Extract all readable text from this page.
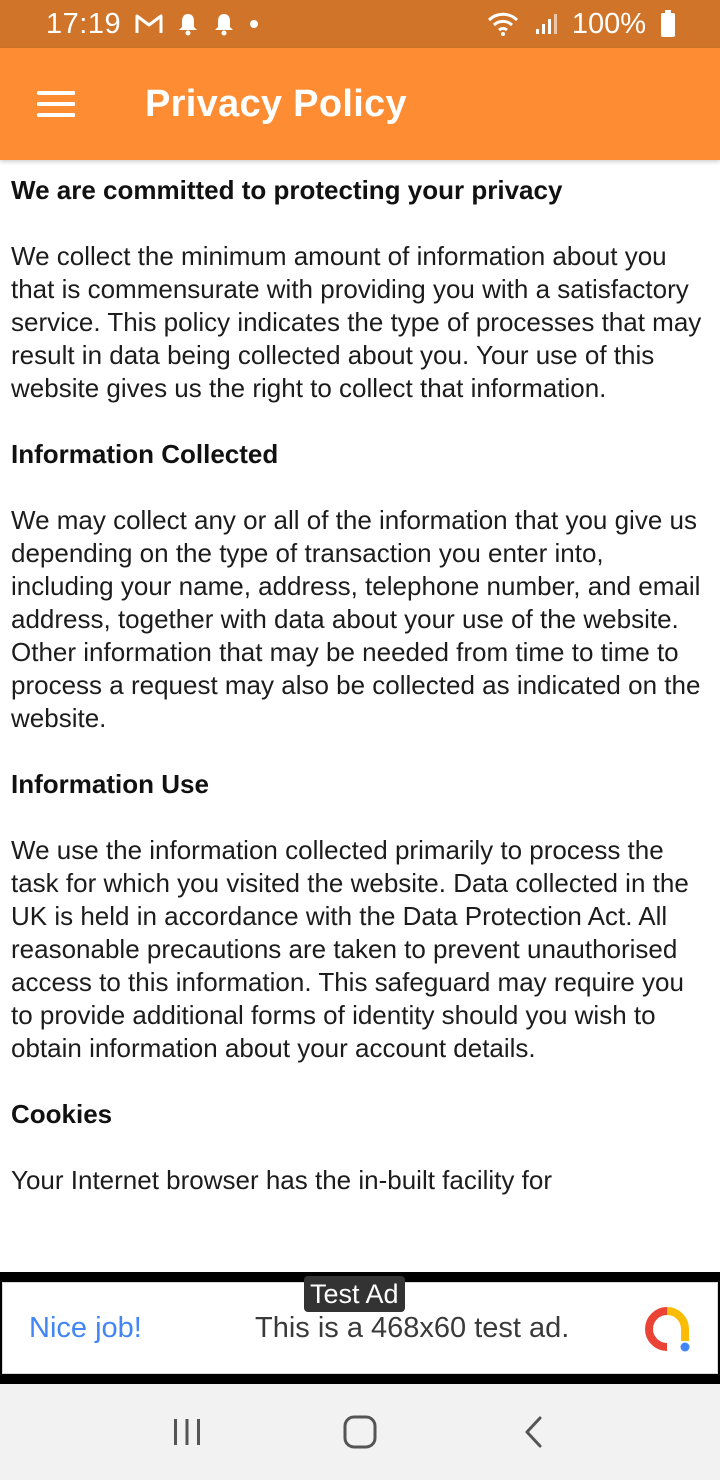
17:19	100%
Privacy Policy
We are committed to protecting your privacy

We collect the minimum amount of information about you that is commensurate with providing you with a satisfactory service. This policy indicates the type of processes that may result in data being collected about you. Your use of this website gives us the right to collect that information.

Information Collected

We may collect any or all of the information that you give us depending on the type of transaction you enter into, including your name, address, telephone number, and email address, together with data about your use of the website. Other information that may be needed from time to time to process a request may also be collected as indicated on the website.

Information Use

We use the information collected primarily to process the task for which you visited the website. Data collected in the UK is held in accordance with the Data Protection Act. All reasonable precautions are taken to prevent unauthorised access to this information. This safeguard may require you to provide additional forms of identity should you wish to obtain information about your account details.

Cookies

Your Internet browser has the in-built facility for

Nice job!	This is a 468x60 test ad.
Test Ad
